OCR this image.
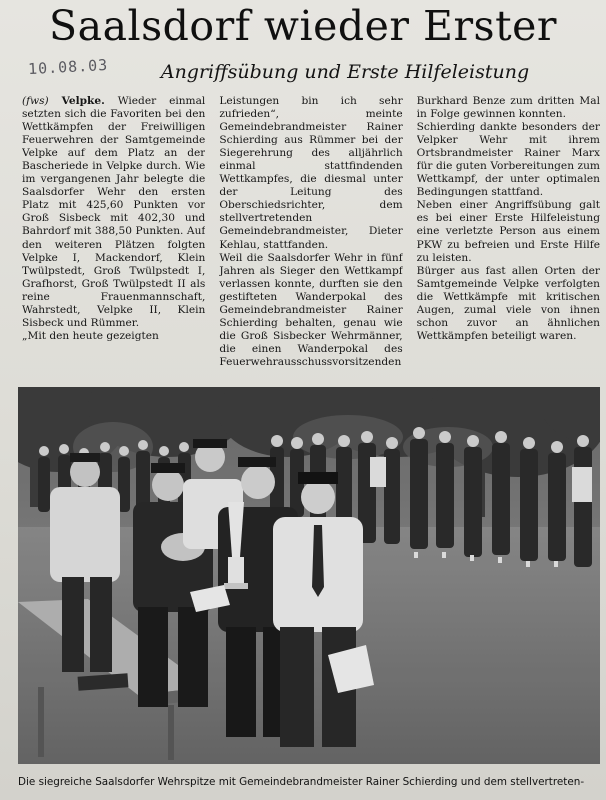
Saalsdorf wieder Erster
10.08.03	Angriffsübung und Erste Hilfeleistung

(fws) Velpke. Wieder einmal setzten sich die Favoriten bei den Wettkämpfen der Freiwilligen Feuerwehren der Samtgemeinde Velpke auf dem Platz an der Bascheriede in Velpke durch. Wie im vergangenen Jahr belegte die Saalsdorfer Wehr den ersten Platz mit 425,60 Punkten vor Groß Sisbeck mit 402,30 und Bahrdorf mit 388,50 Punkten. Auf den weiteren Plätzen folgten Velpke I, Mackendorf, Klein Twülpstedt, Groß Twülpstedt I, Grafhorst, Groß Twülpstedt II als reine Frauenmannschaft, Wahrstedt, Velpke II, Klein Sisbeck und Rümmer.

„Mit den heute gezeigten

Leistungen bin ich sehr zufrieden“, meinte Gemeindebrandmeister Rainer Schierding aus Rümmer bei der Siegerehrung des alljährlich einmal stattfindenden Wettkampfes, die diesmal unter der Leitung des Oberschiedsrichter, dem stellvertretenden Gemeindebrandmeister, Dieter Kehlau, stattfanden.

Weil die Saalsdorfer Wehr in fünf Jahren als Sieger den Wettkampf verlassen konnte, durften sie den gestifteten Wanderpokal des Gemeindebrandmeister Rainer Schierding behalten, genau wie die Groß Sisbecker Wehrmänner, die einen Wanderpokal des Feuerwehrausschussvorsitzenden

Burkhard Benze zum dritten Mal in Folge gewinnen konnten.

Schierding dankte besonders der Velpker Wehr mit ihrem Ortsbrandmeister Rainer Marx für die guten Vorbereitungen zum Wettkampf, der unter optimalen Bedingungen stattfand.

Neben einer Angriffsübung galt es bei einer Erste Hilfeleistung eine verletzte Person aus einem PKW zu befreien und Erste Hilfe zu leisten.

Bürger aus fast allen Orten der Samtgemeinde Velpke verfolgten die Wettkämpfe mit kritischen Augen, zumal viele von ihnen schon zuvor an ähnlichen Wettkämpfen beteiligt waren.

Die siegreiche Saalsdorfer Wehrspitze mit Gemeindebrandmeister Rainer Schierding und dem stellvertreten-
